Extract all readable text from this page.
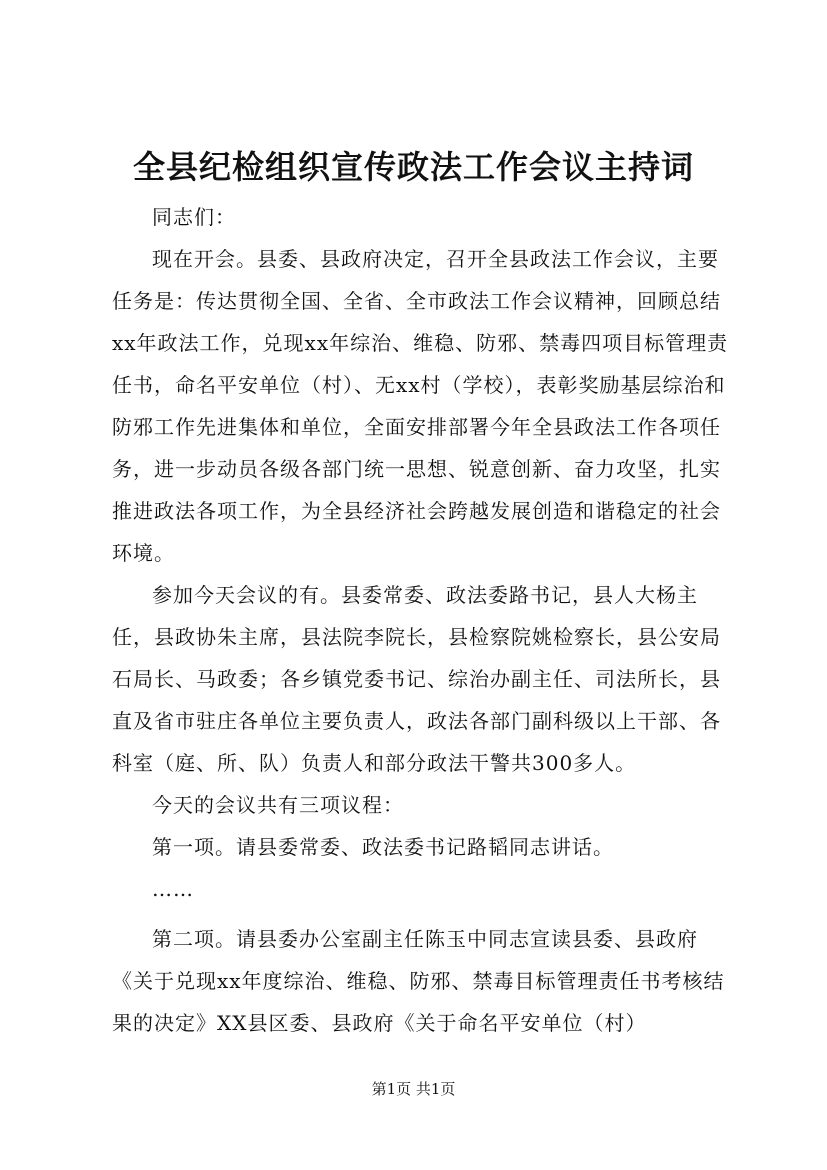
全县纪检组织宣传政法工作会议主持词

同志们：

现在开会。县委、县政府决定，召开全县政法工作会议，主要任务是：传达贯彻全国、全省、全市政法工作会议精神，回顾总结xx年政法工作，兑现xx年综治、维稳、防邪、禁毒四项目标管理责任书，命名平安单位（村）、无xx村（学校），表彰奖励基层综治和防邪工作先进集体和单位，全面安排部署今年全县政法工作各项任务，进一步动员各级各部门统一思想、锐意创新、奋力攻坚，扎实推进政法各项工作，为全县经济社会跨越发展创造和谐稳定的社会环境。

参加今天会议的有。县委常委、政法委路书记，县人大杨主任，县政协朱主席，县法院李院长，县检察院姚检察长，县公安局石局长、马政委；各乡镇党委书记、综治办副主任、司法所长，县直及省市驻庄各单位主要负责人，政法各部门副科级以上干部、各科室（庭、所、队）负责人和部分政法干警共300多人。

今天的会议共有三项议程：

第一项。请县委常委、政法委书记路韬同志讲话。

……

第二项。请县委办公室副主任陈玉中同志宣读县委、县政府《关于兑现xx年度综治、维稳、防邪、禁毒目标管理责任书考核结果的决定》XX县区委、县政府《关于命名平安单位（村）

第1页 共1页
